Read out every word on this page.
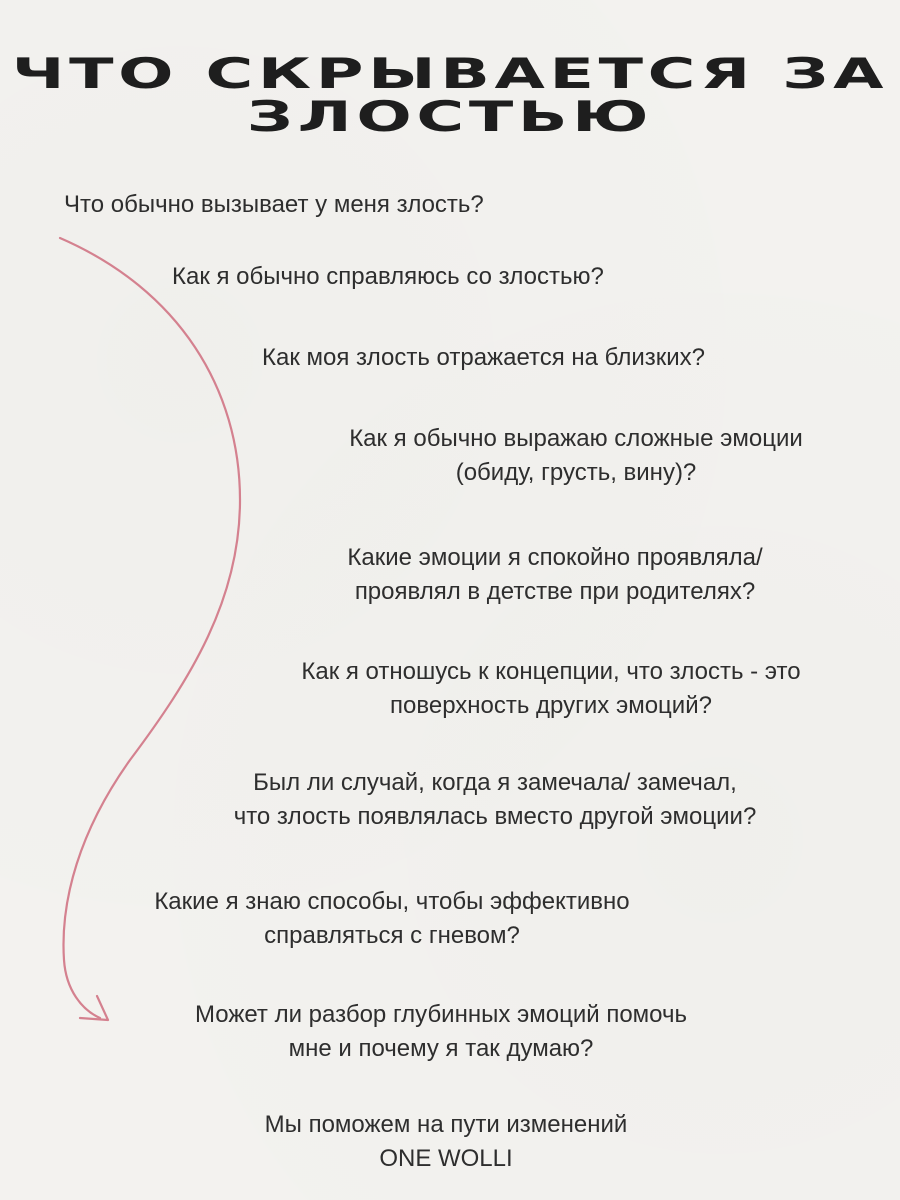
ЧТО СКРЫВАЕТСЯ ЗА
ЗЛОСТЬЮ
Что обычно вызывает у меня злость?
Как я обычно справляюсь со злостью?
Как моя злость отражается на близких?
Как я обычно выражаю сложные эмоции
(обиду, грусть, вину)?
Какие эмоции я спокойно проявляла/
проявлял в детстве при родителях?
Как я отношусь к концепции, что злость - это
поверхность других эмоций?
Был ли случай, когда я замечала/ замечал,
что злость появлялась вместо другой эмоции?
Какие я знаю способы, чтобы эффективно
справляться с гневом?
Может ли разбор глубинных эмоций помочь
мне и почему я так думаю?
Мы поможем на пути изменений
ONE WOLLI
